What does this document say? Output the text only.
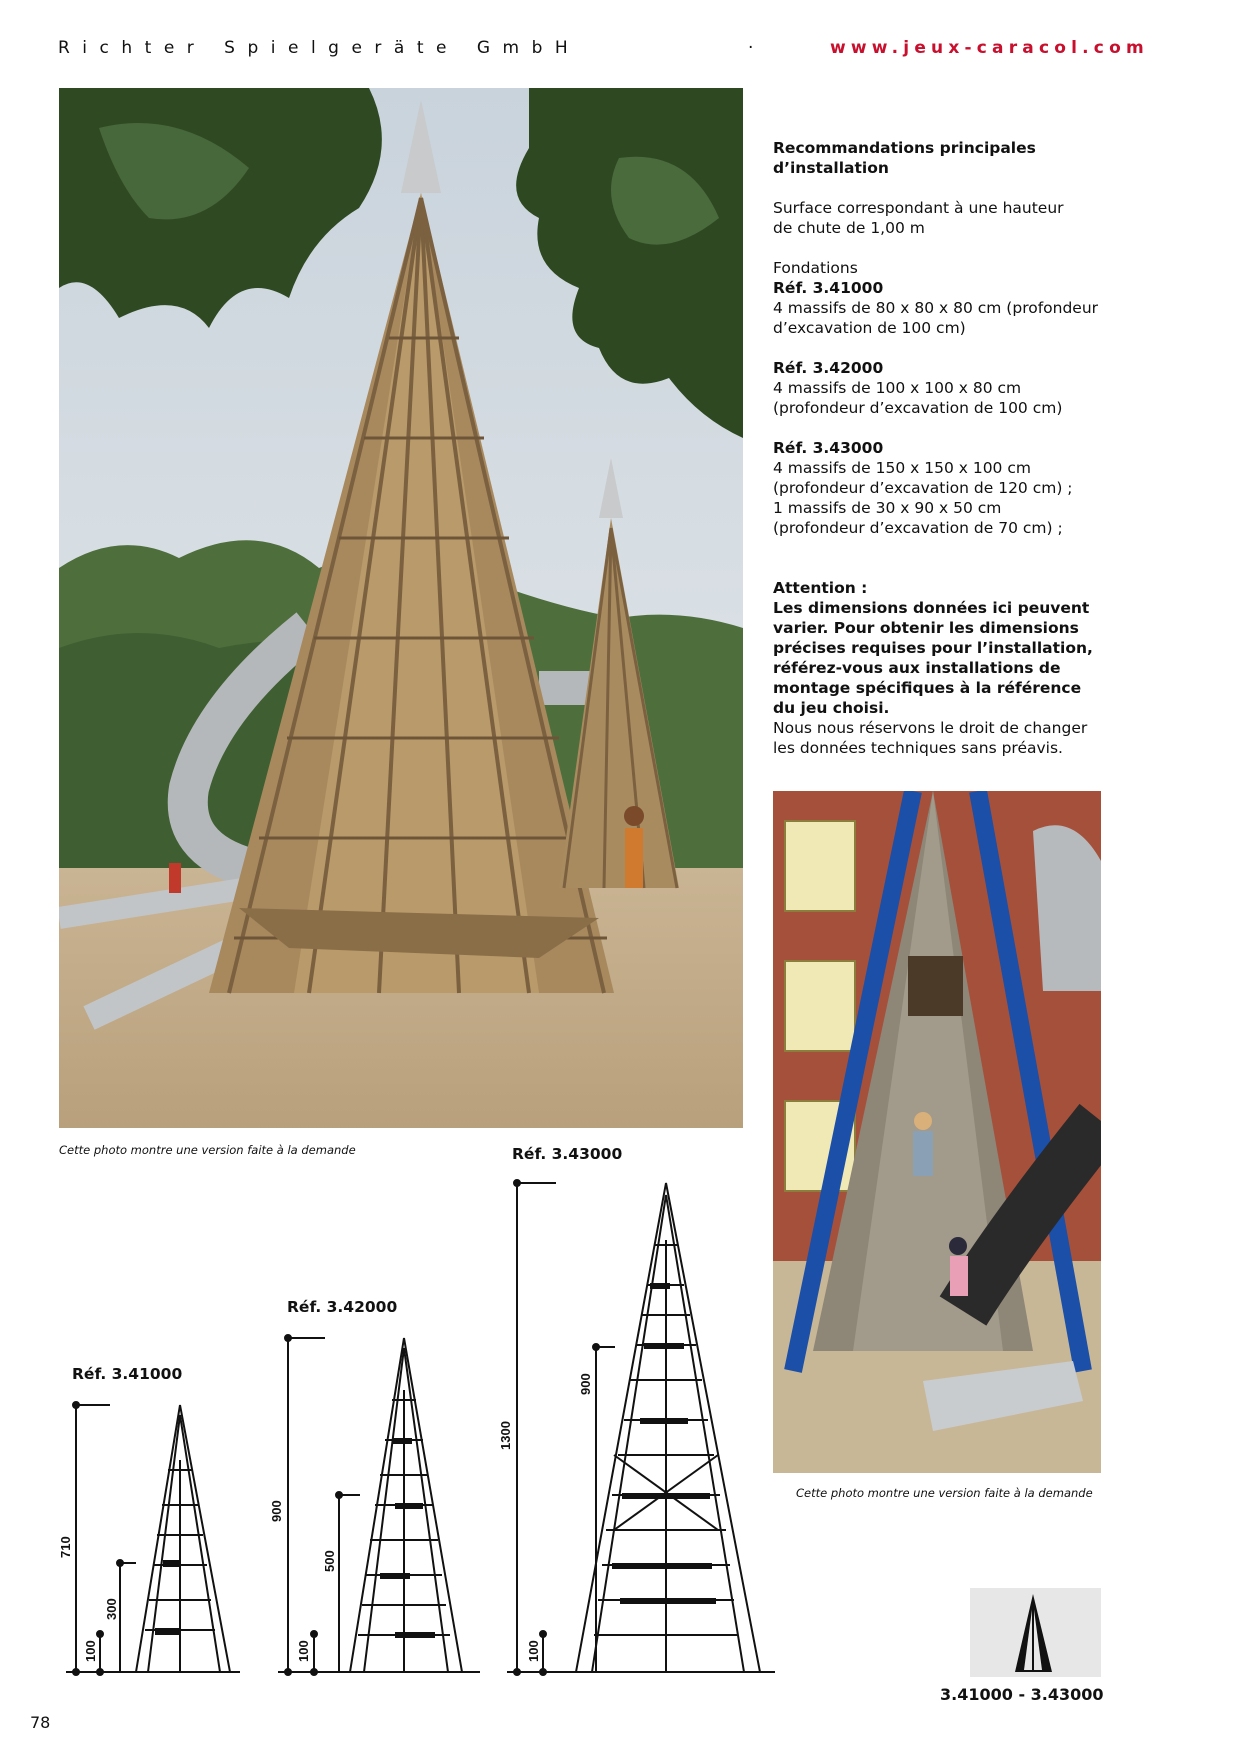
Richter Spielgeräte GmbH	·	www.jeux-caracol.com
Cette photo montre une version faite à la demande

Recommandations principales
d’installation

Surface correspondant à une hauteur
de chute de 1,00 m

Fondations
Réf. 3.41000
4 massifs de 80 x 80 x 80 cm (profondeur
d’excavation de 100 cm)

Réf. 3.42000
4 massifs de 100 x 100 x 80 cm
(profondeur d’excavation de 100 cm)

Réf. 3.43000
4 massifs de 150 x 150 x 100 cm
(profondeur d’excavation de 120 cm) ;
1 massifs de 30 x 90 x 50 cm
(profondeur d’excavation de 70 cm) ;

Attention :
Les dimensions données ici peuvent
varier. Pour obtenir les dimensions
précises requises pour l’installation,
référez-vous aux installations de
montage spécifiques à la référence
du jeu choisi.
Nous nous réservons le droit de changer
les données techniques sans préavis.

Cette photo montre une version faite à la demande
Réf. 3.41000
Réf. 3.42000
Réf. 3.43000
710
300
100
900
500
100
1300
900
100
3.41000 - 3.43000
78
